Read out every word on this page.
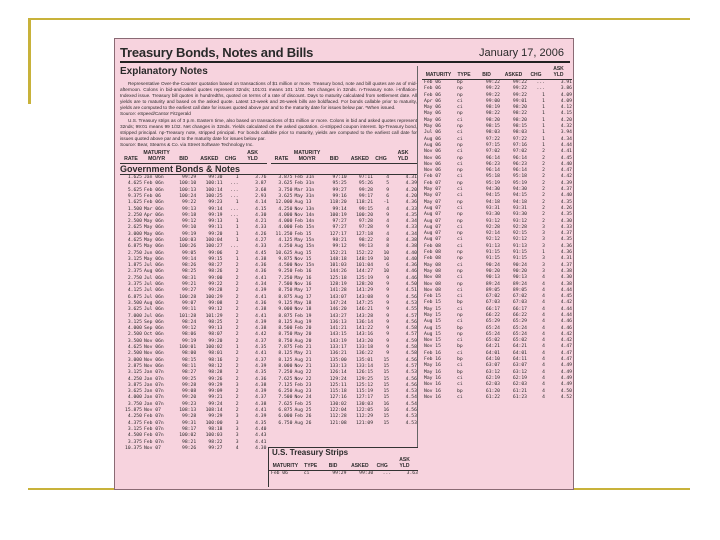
Treasury Bonds, Notes and Bills	January 17, 2006
Explanatory Notes

Representative Over-the-Counter quotation based on transactions of $1 million or more. Treasury bond, note and bill quotes are as of mid-afternoon. Colons in bid-and-asked quotes represent 32nds; 101:01 means 101 1/32. Net changes in 32nds. n-Treasury note. i-Inflation-Indexed issue. Treasury bill quotes in hundredths, quoted on terms of a rate of discount. Days to maturity calculated from settlement date. All yields are to maturity and based on the asked quote. Latest 13-week and 26-week bills are boldfaced. For bonds callable prior to maturity, yields are computed to the earliest call date for issues quoted above par and to the maturity date for issues below par. *When issued.

Source: eSpeed/Cantor Fitzgerald

U.S. Treasury strips as of 3 p.m. Eastern time, also based on transactions of $1 million or more. Colons in bid and asked quotes represent 32nds; 99:01 means 99 1/32. Net changes in 32nds. Yields calculated on the asked quotation. ci-stripped coupon interest. bp-Treasury bond, stripped principal. np-Treasury note, stripped principal. For bonds callable prior to maturity, yields are computed to the earliest call date for issues quoted above par and to the maturity date for issues below par.

Source: Bear, Stearns & Co. via Street Software Technology Inc.
RATE
MATURITY
MO/YR	BID	ASKED	CHG
ASK
YLD	RATE
MATURITY
MO/YR	BID	ASKED	CHG
ASK
YLD
Government Bonds & Notes
1.625 Jan 06n	99:29	99:30	1	3.76
4.625 Feb 06n	100:10	100:11	...	3.87
5.625 Feb 06n	100:13	100:14	...	3.68
9.375 Feb 06	100:24	100:25	...	2.93
1.625 Feb 06n	99:22	99:23	1	4.14
1.500 Mar 06n	99:13	99:14	...	4.15
2.250 Apr 06n	99:18	99:19	...	4.30
2.500 May 06n	99:12	99:13	1	4.21
2.625 May 06n	99:10	99:11	1	4.33
3.000 May 06n	99:19	99:20	1	4.26
4.625 May 06n	100:03	100:04	1	4.27
6.875 May 06n	100:26	100:27	...	4.33
2.750 Jun 06n	99:05	99:06	2	4.45
3.125 May 06n	99:14	99:15	1	4.38
1.875 Jul 06n	98:26	98:27	2	4.36
2.375 Aug 06n	98:25	98:26	2	4.36
2.750 Jul 06n	98:31	99:00	2	4.41
3.375 Jul 06n	99:21	99:22	2	4.34
4.125 Jul 06n	99:27	99:28	2	4.39
6.875 Jul 06n	100:28	100:29	2	4.41
3.500 Aug 06n	99:07	99:08	2	4.36
3.625 Jul 06n	99:11	99:12	2	4.38
7.000 Jul 06n	101:28	101:29	2	4.41
3.125 Sep 06n	98:24	98:25	2	4.39
4.000 Sep 06n	99:12	99:13	2	4.38
2.500 Oct 06n	98:06	98:07	2	4.42
3.500 Nov 06n	99:19	99:20	2	4.37
4.625 Nov 06n	100:01	100:02	1	4.35
2.500 Nov 06n	98:00	98:01	2	4.41
3.000 Nov 06n	98:15	98:16	2	4.37
2.875 Nov 06n	98:11	98:12	2	4.39
3.125 Jan 07n	98:27	98:28	2	4.35
4.250 Jan 07n	99:25	99:26	2	4.36
3.875 Jan 07n	99:28	99:29	3	4.38
3.625 Jan 07n	99:08	99:09	2	4.39
4.000 Jan 07n	99:20	99:21	2	4.37
3.750 Jan 07n	99:23	99:24	2	4.38
15.875 Nov 07	108:13	108:14	2	4.41
4.250 Feb 07n	99:28	99:29	3	4.39
4.375 Feb 07n	99:31	100:00	3	4.35
3.125 Feb 07n	98:17	98:18	3	4.40
4.500 Feb 07n	100:02	100:03	3	4.43
3.375 Feb 07n	98:21	98:22	3	4.41
10.375 Nov 07	99:26	99:27	4	4.30
3.875 Feb 31n	97:10	97:11	4	4.31
3.625 Feb 31n	95:25	95:26	5	4.39
3.750 Mar 31n	99:27	99:28	9	4.20
3.625 May 31n	99:16	99:17	6	4.20
12.000 Aug 13	118:20	118:21	-1	4.36
4.250 Nov 13n	99:14	99:15	4	4.33
4.000 Nov 14n	100:19	100:20	9	4.35
4.000 Feb 14n	97:27	97:28	4	4.34
4.000 Feb 15n	97:27	97:28	9	4.33
11.250 Feb 15	127:17	127:18	4	4.34
4.125 May 15n	98:21	98:22	8	4.38
4.250 Aug 15n	99:12	99:13	8	4.38
10.625 Aug 15	152:21	152:22	10	4.40
9.875 Nov 15	148:18	148:19	10	4.40
4.500 Nov 15n	101:03	101:04	6	4.36
9.250 Feb 16	144:26	144:27	10	4.46
7.250 May 16	125:18	125:19	9	4.46
7.500 Nov 16	128:19	128:20	9	4.50
8.750 May 17	141:28	141:29	9	4.51
8.875 Aug 17	143:07	143:08	9	4.56
9.125 May 18	147:24	147:25	9	4.53
9.000 Nov 18	146:20	146:21	9	4.55
8.875 Feb 19	143:27	143:28	9	4.57
8.125 Aug 19	136:13	136:14	9	4.56
8.500 Feb 20	141:21	141:22	9	4.58
8.750 May 20	143:15	143:16	9	4.57
8.750 Aug 20	143:19	143:20	9	4.59
7.875 Feb 21	133:17	133:18	9	4.58
8.125 May 21	136:21	136:22	9	4.58
8.125 Aug 21	135:00	135:01	15	4.56
8.000 Nov 21	133:13	133:14	15	4.57
7.250 Aug 22	126:14	126:15	15	4.53
7.625 Nov 22	129:24	129:25	15	4.56
7.125 Feb 23	125:11	125:12	15	4.56
6.250 Aug 23	115:18	115:19	15	4.53
7.500 Nov 24	127:16	127:17	15	4.54
7.625 Feb 25	130:02	130:03	16	4.54
6.875 Aug 25	122:04	122:05	16	4.56
6.000 Feb 26	112:28	112:29	15	4.53
6.750 Aug 26	121:08	121:09	15	4.53
U.S. Treasury Strips
MATURITY	TYPE	BID	ASKED	CHG
ASK
YLD
Feb 06	ci	99:29	99:30	...	3.63
MATURITY	TYPE	BID	ASKED	CHG
ASK
YLD
Feb 06	bp	99:22	99:22	...	3.91
Feb 06	np	99:22	99:22	...	3.86
Feb 06	np	99:22	99:22	1	4.09
Apr 06	ci	99:00	99:01	1	4.09
May 06	ci	98:19	98:20	1	4.12
May 06	np	98:22	98:22	1	4.15
May 06	ci	98:20	98:20	1	4.20
May 06	np	98:15	98:15	1	4.32
Jul 06	ci	98:03	98:03	1	3.94
Aug 06	ci	97:22	97:22	1	4.34
Aug 06	np	97:15	97:16	1	4.44
Nov 06	ci	97:02	97:02	2	4.41
Nov 06	np	96:14	96:14	2	4.45
Nov 06	ci	96:23	96:23	2	4.40
Nov 06	np	96:14	96:14	2	4.47
Feb 07	ci	95:18	95:18	2	4.42
Feb 07	np	95:19	95:19	2	4.39
May 07	ci	94:30	94:30	2	4.37
May 07	ci	94:15	94:15	2	4.40
May 07	np	94:18	94:18	2	4.35
Aug 07	ci	93:31	93:31	2	4.26
Aug 07	np	93:30	93:30	2	4.35
Aug 07	np	93:12	93:12	2	4.30
Aug 07	ci	92:28	92:28	3	4.33
Aug 07	np	92:14	92:15	3	4.37
Aug 07	ci	92:12	92:12	3	4.35
Feb 08	ci	91:13	91:13	3	4.36
Feb 08	np	91:15	91:15	1	4.36
Feb 08	np	91:15	91:15	3	4.31
May 08	ci	90:24	90:24	3	4.37
May 08	np	90:20	90:20	3	4.38
Nov 08	ci	90:13	90:13	4	4.30
Nov 08	np	89:24	89:24	4	4.38
Nov 08	ci	89:05	89:05	4	4.44
Feb 15	ci	67:02	67:02	4	4.45
Feb 15	bp	67:03	67:03	4	4.42
May 15	ci	66:17	66:17	4	4.44
May 15	np	66:22	66:22	4	4.44
Aug 15	ci	65:29	65:29	4	4.46
Aug 15	bp	65:24	65:24	4	4.46
Aug 15	np	65:24	65:24	4	4.42
Nov 15	ci	65:02	65:02	4	4.42
Nov 15	bp	64:21	64:21	4	4.47
Feb 16	ci	64:01	64:01	4	4.47
Feb 16	bp	64:10	64:11	4	4.47
May 16	ci	63:07	63:07	4	4.49
May 16	bp	63:12	63:12	4	4.49
May 16	ci	62:19	62:19	4	4.49
Nov 16	ci	62:03	62:03	4	4.49
Nov 16	bp	61:20	61:21	4	4.50
Nov 16	ci	61:22	61:23	4	4.52
